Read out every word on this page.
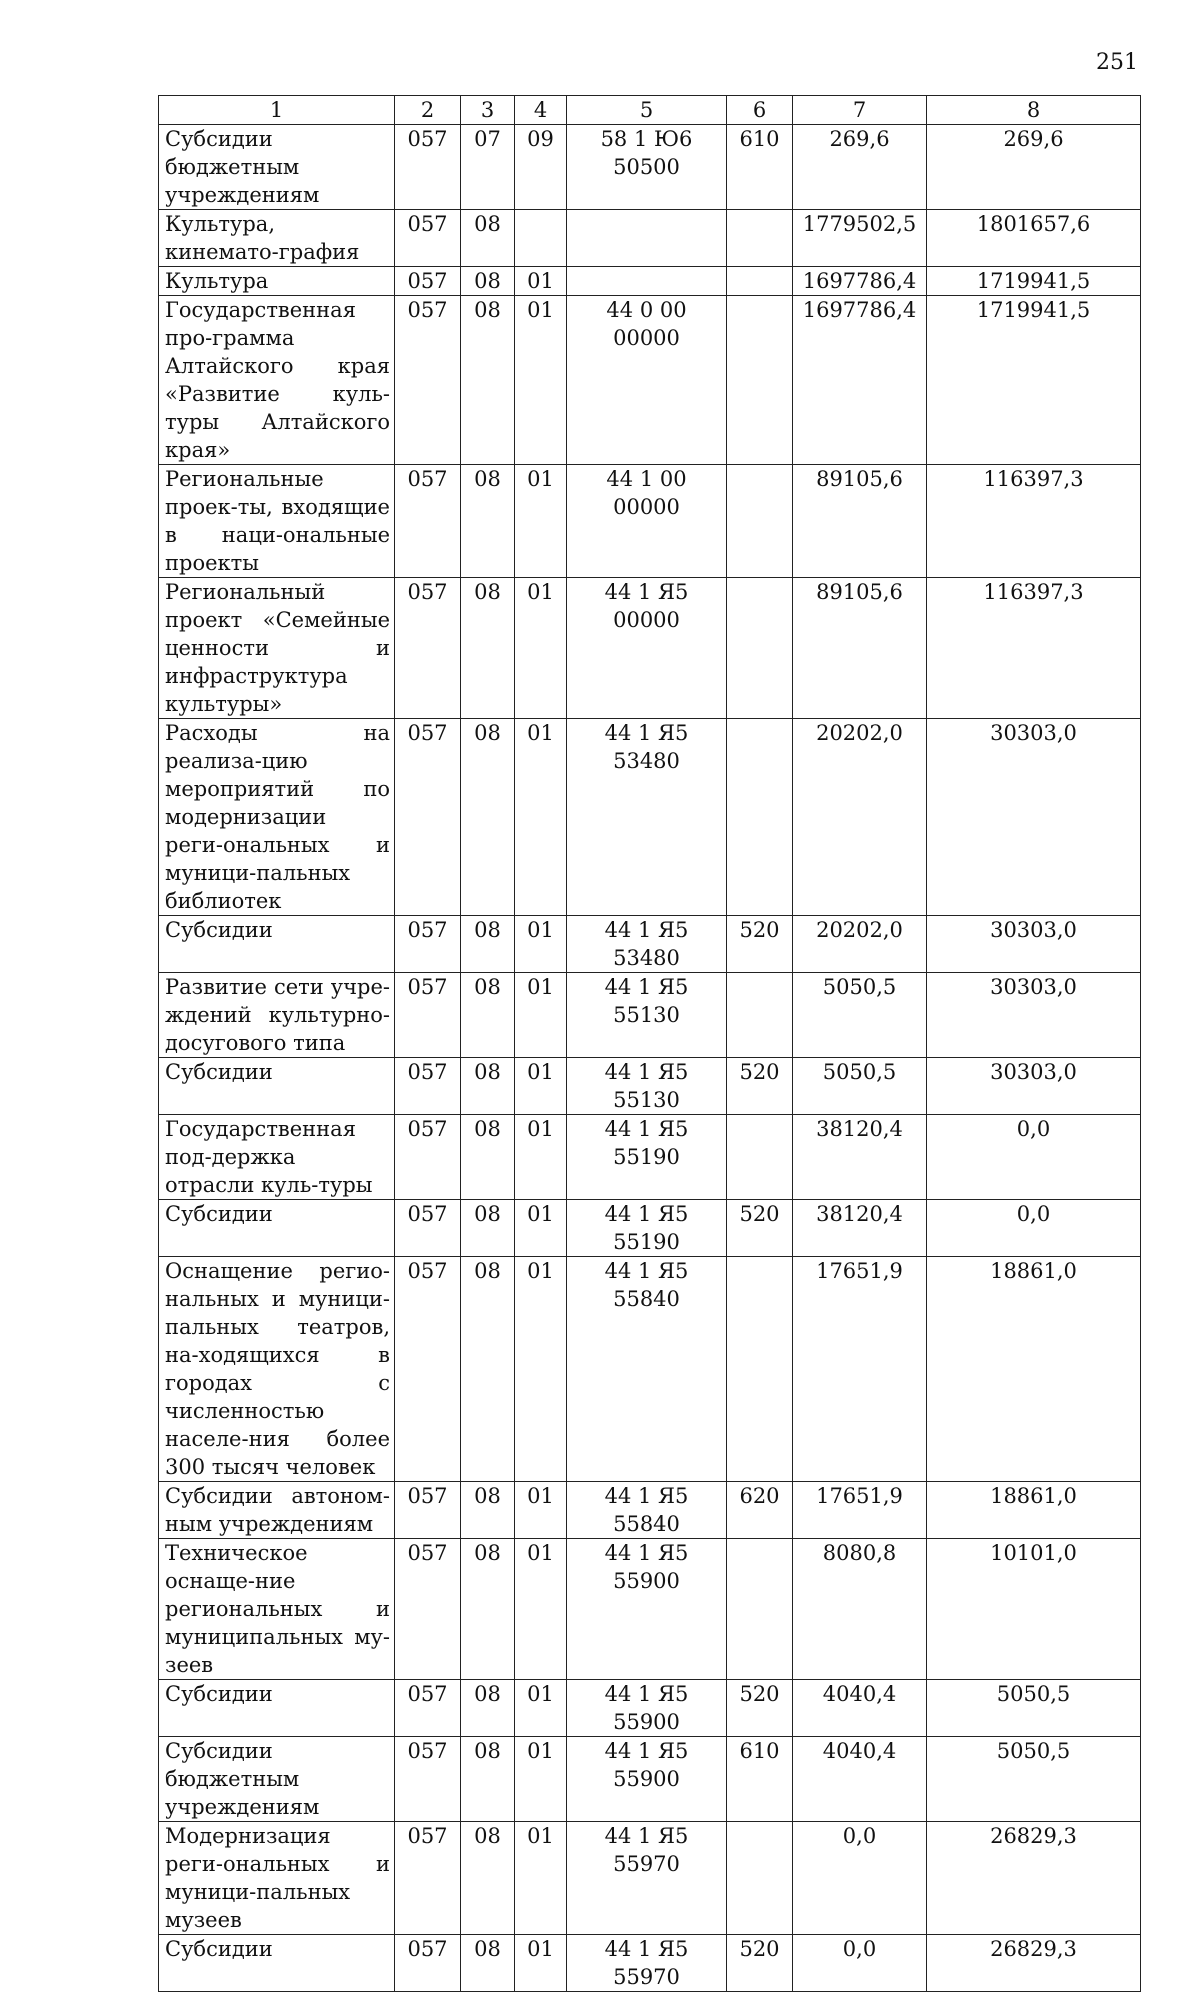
251
1	2	3	4	5	6	7	8
Субсидии бюджетным учреждениям	057	07	09	58 1 Ю6 50500	610	269,6	269,6
Культура, кинемато-графия	057	08				1779502,5	1801657,6
Культура	057	08	01			1697786,4	1719941,5
Государственная про-грамма Алтайского края «Развитие куль-туры Алтайского края»	057	08	01	44 0 00 00000		1697786,4	1719941,5
Региональные проек-ты, входящие в наци-ональные проекты	057	08	01	44 1 00 00000		89105,6	116397,3
Региональный проект «Семейные ценности и инфраструктура культуры»	057	08	01	44 1 Я5 00000		89105,6	116397,3
Расходы на реализа-цию мероприятий по модернизации реги-ональных и муници-пальных библиотек	057	08	01	44 1 Я5 53480		20202,0	30303,0
Субсидии	057	08	01	44 1 Я5 53480	520	20202,0	30303,0
Развитие сети учре-ждений культурно-досугового типа	057	08	01	44 1 Я5 55130		5050,5	30303,0
Субсидии	057	08	01	44 1 Я5 55130	520	5050,5	30303,0
Государственная под-держка отрасли куль-туры	057	08	01	44 1 Я5 55190		38120,4	0,0
Субсидии	057	08	01	44 1 Я5 55190	520	38120,4	0,0
Оснащение регио-нальных и муници-пальных театров, на-ходящихся в городах с численностью населе-ния более 300 тысяч человек	057	08	01	44 1 Я5 55840		17651,9	18861,0
Субсидии автоном-ным учреждениям	057	08	01	44 1 Я5 55840	620	17651,9	18861,0
Техническое оснаще-ние региональных и муниципальных му-зеев	057	08	01	44 1 Я5 55900		8080,8	10101,0
Субсидии	057	08	01	44 1 Я5 55900	520	4040,4	5050,5
Субсидии бюджетным учреждениям	057	08	01	44 1 Я5 55900	610	4040,4	5050,5
Модернизация реги-ональных и муници-пальных музеев	057	08	01	44 1 Я5 55970		0,0	26829,3
Субсидии	057	08	01	44 1 Я5 55970	520	0,0	26829,3
